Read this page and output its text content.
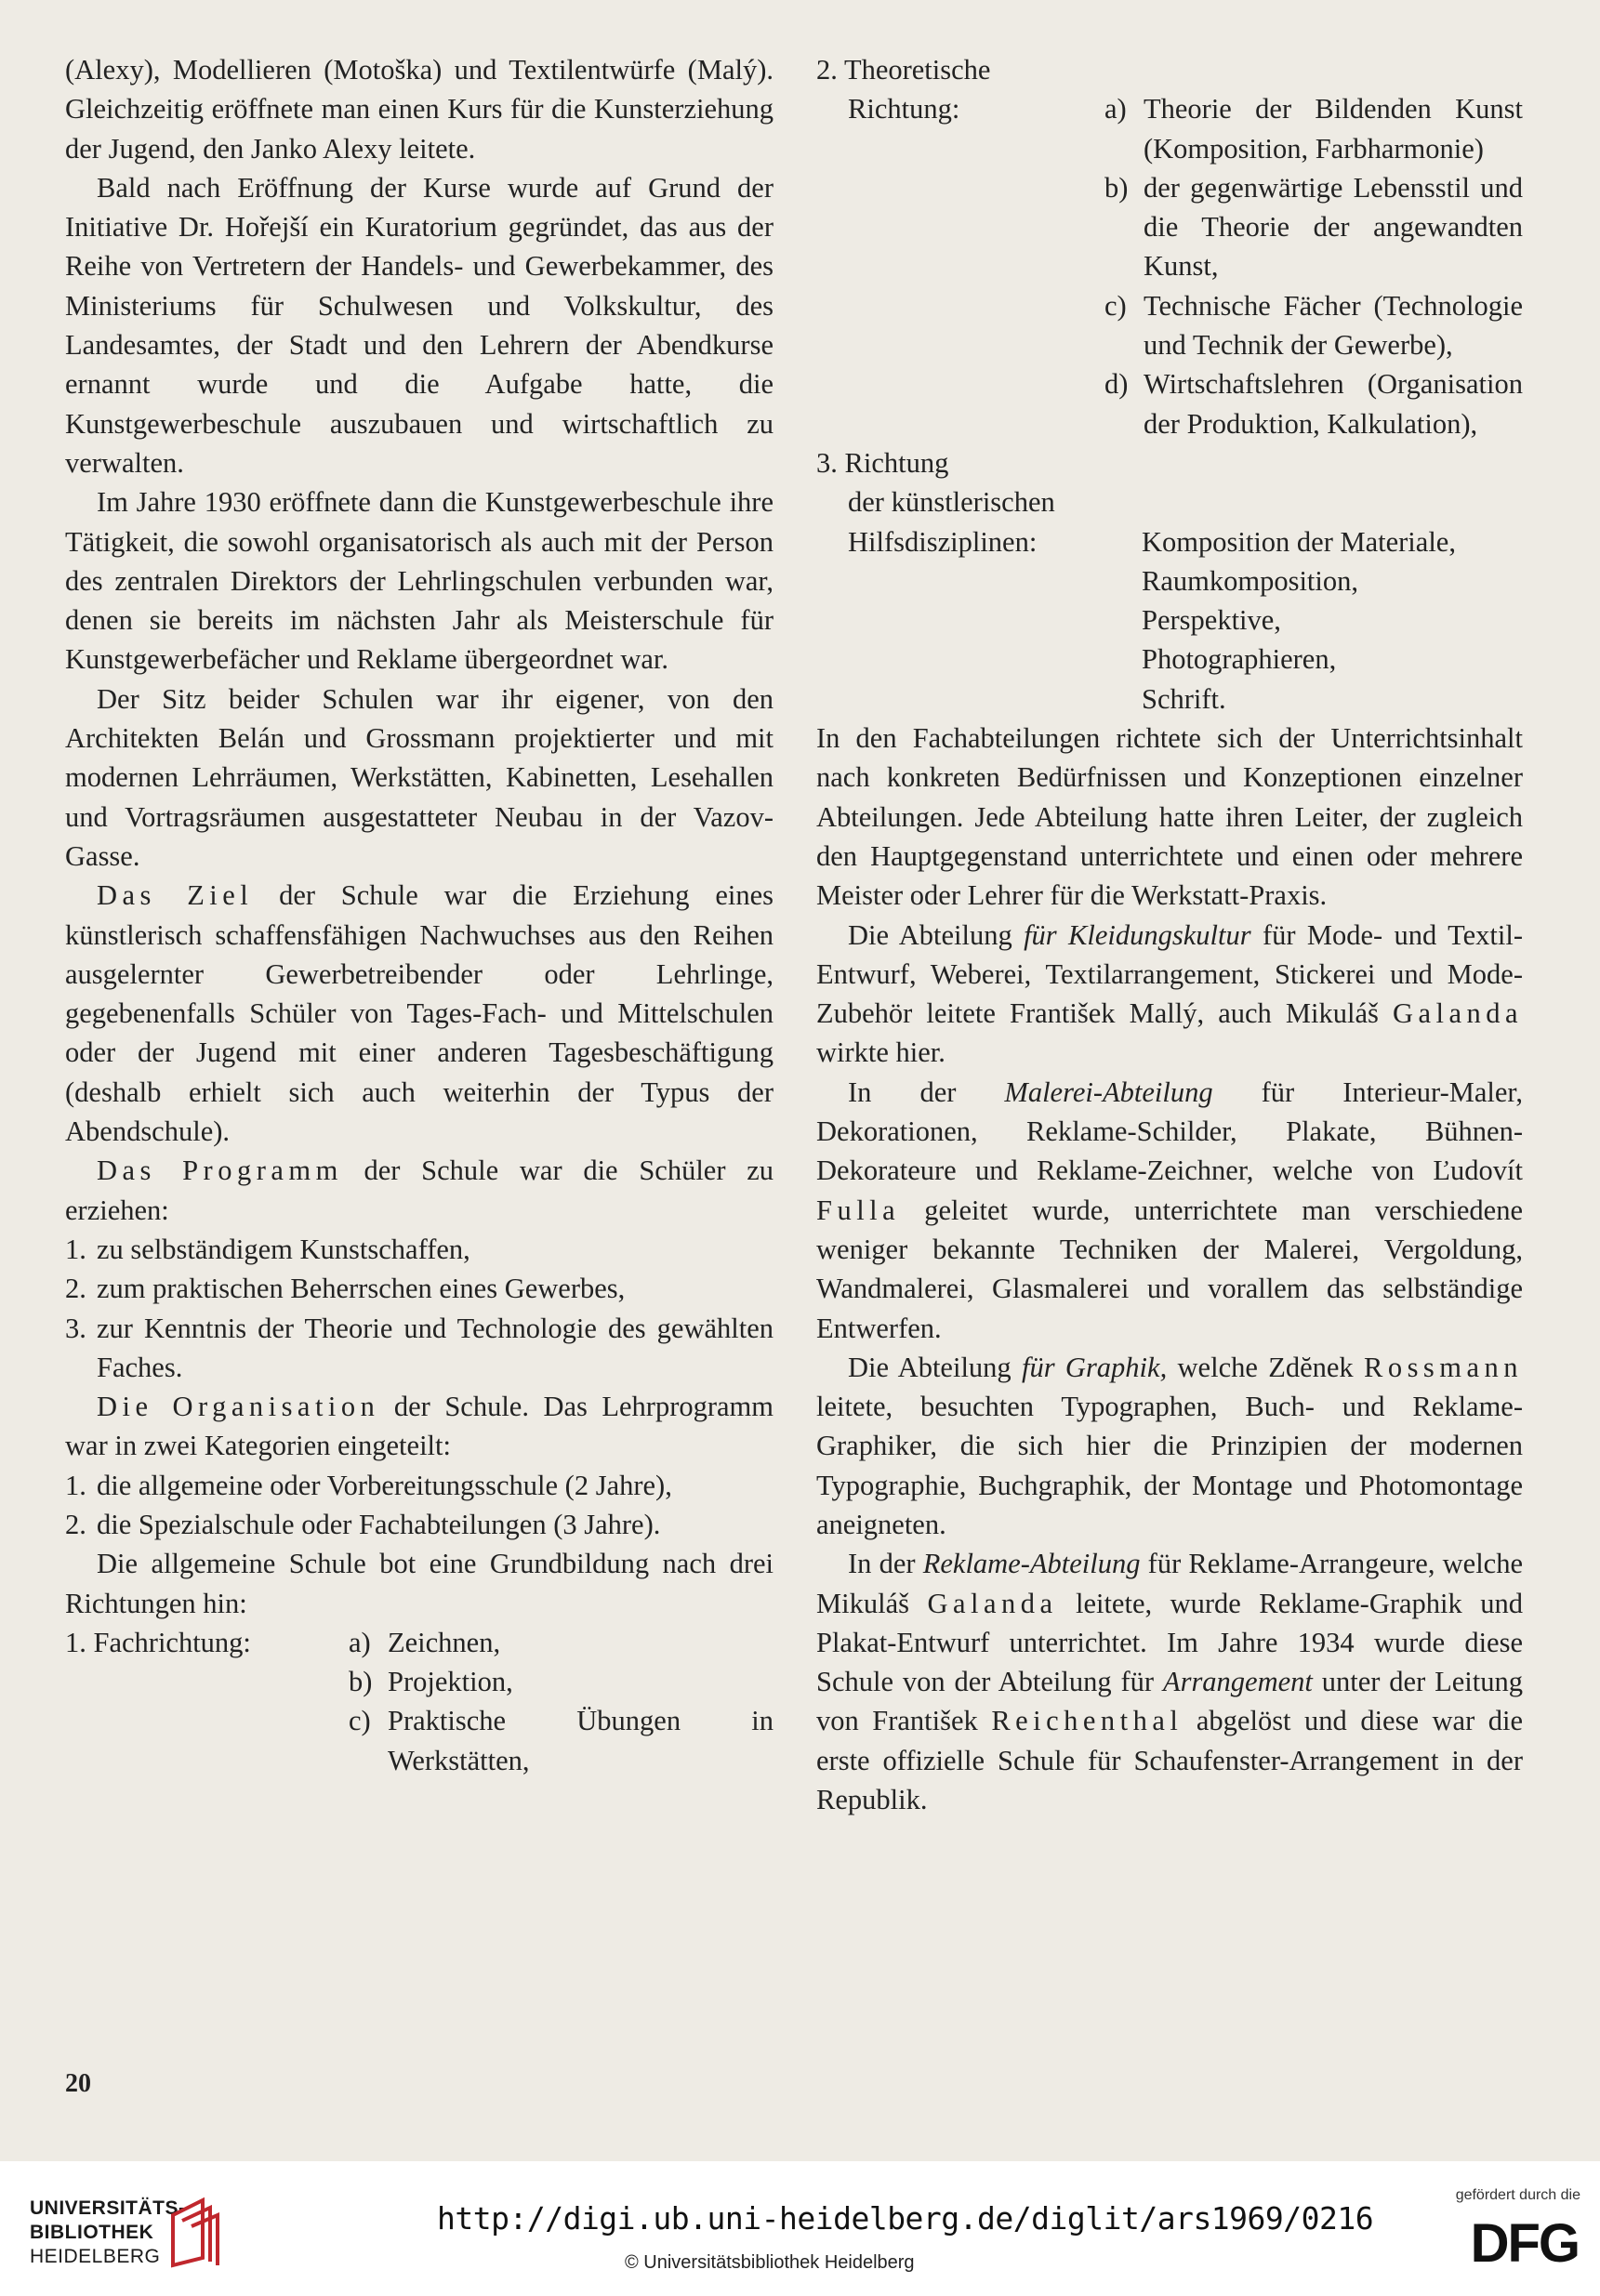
(Alexy), Modellieren (Motoška) und Textilentwürfe (Malý). Gleichzeitig eröffnete man einen Kurs für die Kunsterziehung der Jugend, den Janko Alexy leitete.

Bald nach Eröffnung der Kurse wurde auf Grund der Initiative Dr. Hořejší ein Kuratorium gegründet, das aus der Reihe von Vertretern der Handels- und Gewerbekammer, des Ministeriums für Schulwesen und Volkskultur, des Landesamtes, der Stadt und den Lehrern der Abendkurse ernannt wurde und die Aufgabe hatte, die Kunstgewerbeschule auszubauen und wirtschaftlich zu verwalten.

Im Jahre 1930 eröffnete dann die Kunstgewerbeschule ihre Tätigkeit, die sowohl organisatorisch als auch mit der Person des zentralen Direktors der Lehrlingschulen verbunden war, denen sie bereits im nächsten Jahr als Meisterschule für Kunstgewerbefächer und Reklame übergeordnet war.

Der Sitz beider Schulen war ihr eigener, von den Architekten Belán und Grossmann projektierter und mit modernen Lehrräumen, Werkstätten, Kabinetten, Lesehallen und Vortragsräumen ausgestatteter Neubau in der Vazov-Gasse.

Das Ziel der Schule war die Erziehung eines künstlerisch schaffensfähigen Nachwuchses aus den Reihen ausgelernter Gewerbetreibender oder Lehrlinge, gegebenenfalls Schüler von Tages-Fach- und Mittelschulen oder der Jugend mit einer anderen Tagesbeschäftigung (deshalb erhielt sich auch weiterhin der Typus der Abendschule).

Das Programm der Schule war die Schüler zu erziehen:

1. zu selbständigem Kunstschaffen,
2. zum praktischen Beherrschen eines Gewerbes,
3. zur Kenntnis der Theorie und Technologie des gewählten Faches.

Die Organisation der Schule. Das Lehrprogramm war in zwei Kategorien eingeteilt:

1. die allgemeine oder Vorbereitungsschule (2 Jahre),
2. die Spezialschule oder Fachabteilungen (3 Jahre).

Die allgemeine Schule bot eine Grundbildung nach drei Richtungen hin:

1. Fachrichtung:	a) Zeichnen,
b) Projektion,
c) Praktische Übungen in Werkstätten,
2. Theoretische
Richtung:	a) Theorie der Bildenden Kunst (Komposition, Farbharmonie)
b) der gegenwärtige Lebensstil und die Theorie der angewandten Kunst,
c) Technische Fächer (Technologie und Technik der Gewerbe),
d) Wirtschaftslehren (Organisation der Produktion, Kalkulation),
3. Richtung
der künstlerischen
Hilfsdisziplinen:	Komposition der Materiale,
Raumkomposition,
Perspektive,
Photographieren,
Schrift.

In den Fachabteilungen richtete sich der Unterrichtsinhalt nach konkreten Bedürfnissen und Konzeptionen einzelner Abteilungen. Jede Abteilung hatte ihren Leiter, der zugleich den Hauptgegenstand unterrichtete und einen oder mehrere Meister oder Lehrer für die Werkstatt-Praxis.

Die Abteilung für Kleidungskultur für Mode- und Textil-Entwurf, Weberei, Textilarrangement, Stickerei und Mode-Zubehör leitete František Mallý, auch Mikuláš Galanda wirkte hier.

In der Malerei-Abteilung für Interieur-Maler, Dekorationen, Reklame-Schilder, Plakate, Bühnen-Dekorateure und Reklame-Zeichner, welche von Ľudovít Fulla geleitet wurde, unterrichtete man verschiedene weniger bekannte Techniken der Malerei, Vergoldung, Wandmalerei, Glasmalerei und vorallem das selbständige Entwerfen.

Die Abteilung für Graphik, welche Zdĕnek Rossmann leitete, besuchten Typographen, Buch- und Reklame-Graphiker, die sich hier die Prinzipien der modernen Typographie, Buchgraphik, der Montage und Photomontage aneigneten.

In der Reklame-Abteilung für Reklame-Arrangeure, welche Mikuláš Galanda leitete, wurde Reklame-Graphik und Plakat-Entwurf unterrichtet. Im Jahre 1934 wurde diese Schule von der Abteilung für Arrangement unter der Leitung von František Reichenthal abgelöst und diese war die erste offizielle Schule für Schaufenster-Arrangement in der Republik.

20
UNIVERSITÄTS-
BIBLIOTHEK
HEIDELBERG
http://digi.ub.uni-heidelberg.de/diglit/ars1969/0216
© Universitätsbibliothek Heidelberg
gefördert durch die
DFG
